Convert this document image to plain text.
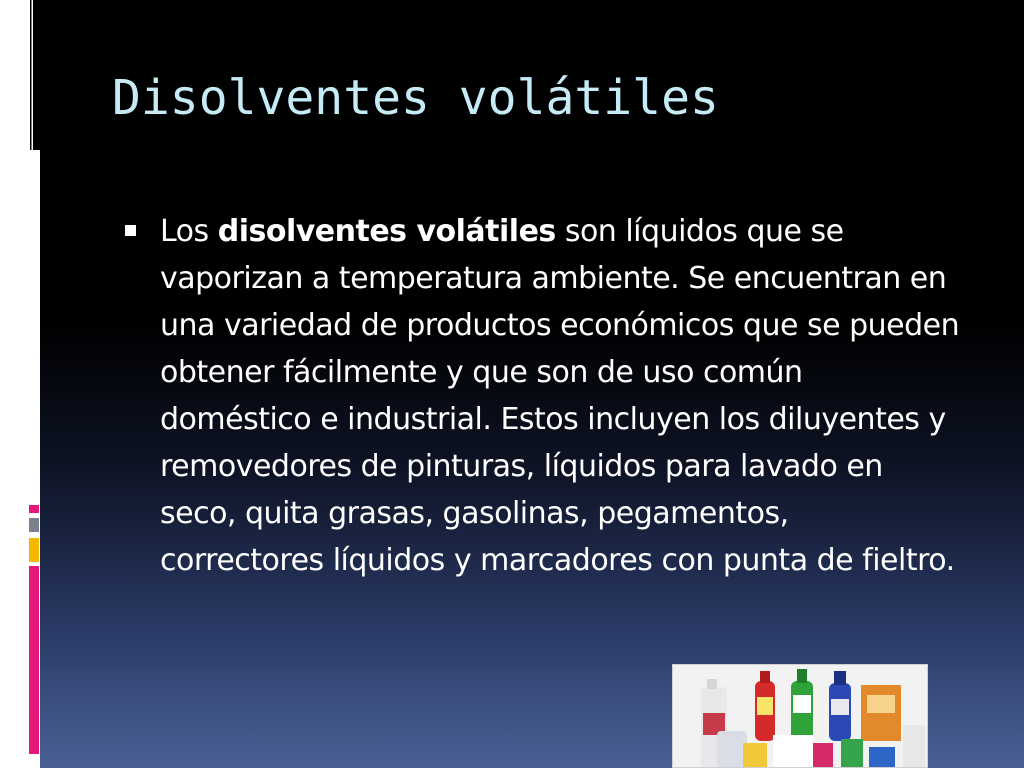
Disolventes volátiles
Los disolventes volátiles son líquidos que se vaporizan a temperatura ambiente. Se encuentran en una variedad de productos económicos que se pueden obtener fácilmente y que son de uso común doméstico e industrial. Estos incluyen los diluyentes y removedores de pinturas, líquidos para lavado en seco, quita grasas, gasolinas, pegamentos, correctores líquidos y marcadores con punta de fieltro.
